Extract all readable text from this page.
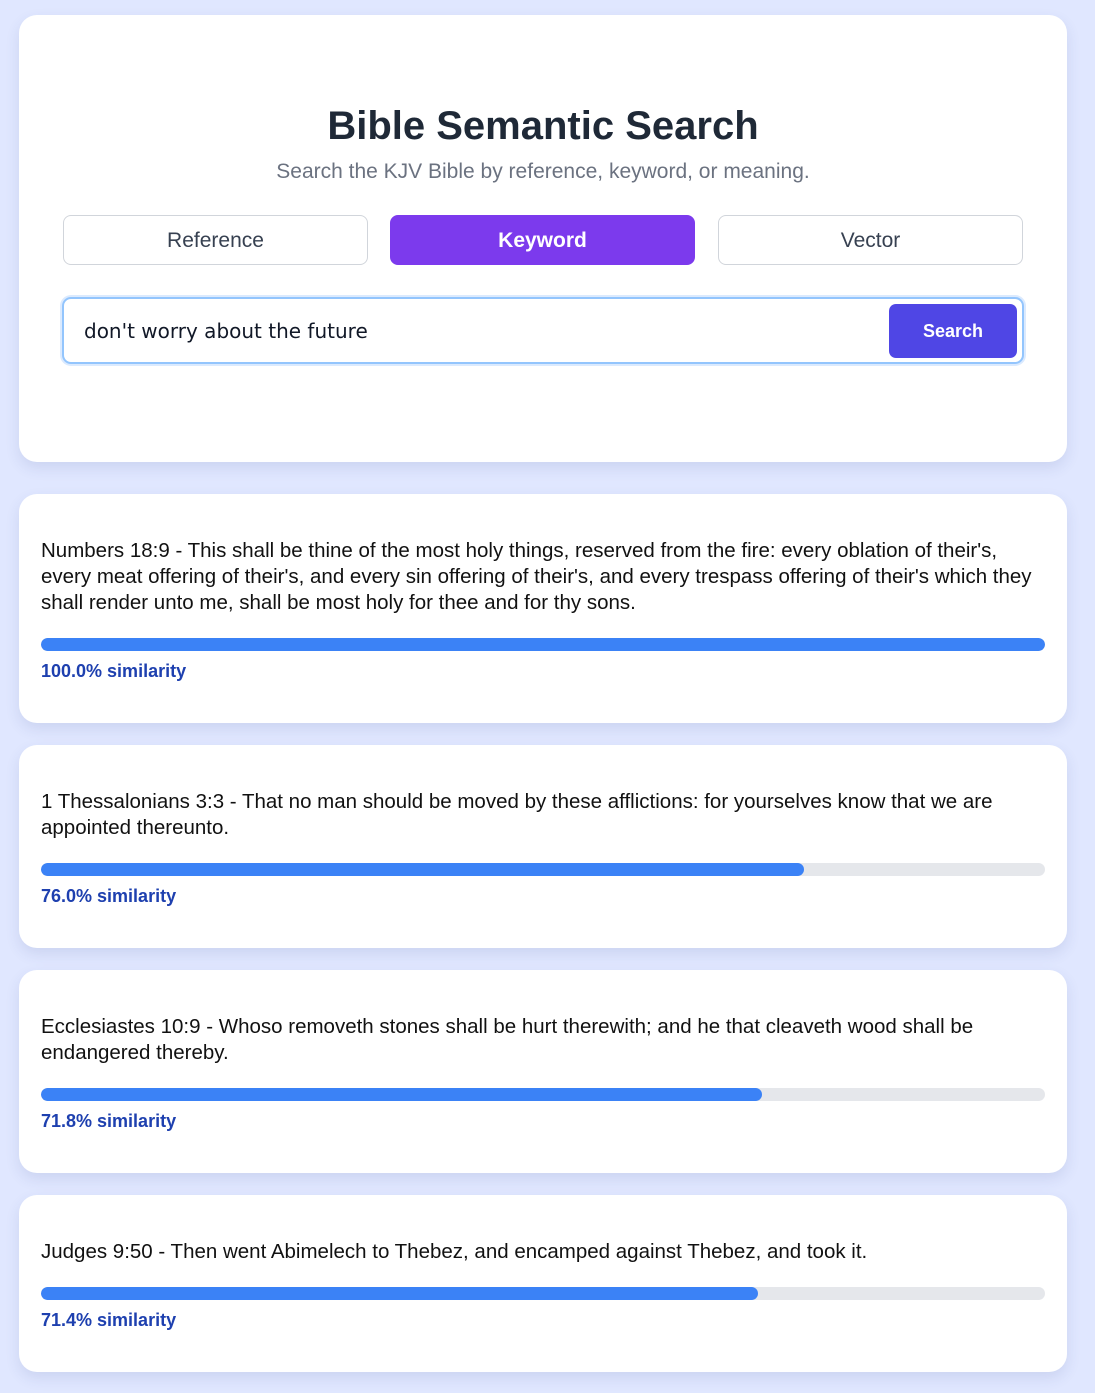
Bible Semantic Search
Search the KJV Bible by reference, keyword, or meaning.
Reference	Keyword	Vector
don't worry about the future
Search
Numbers 18:9 - This shall be thine of the most holy things, reserved from the fire: every oblation of their's, every meat offering of their's, and every sin offering of their's, and every trespass offering of their's which they shall render unto me, shall be most holy for thee and for thy sons.
100.0% similarity
1 Thessalonians 3:3 - That no man should be moved by these afflictions: for yourselves know that we are appointed thereunto.
76.0% similarity
Ecclesiastes 10:9 - Whoso removeth stones shall be hurt therewith; and he that cleaveth wood shall be endangered thereby.
71.8% similarity
Judges 9:50 - Then went Abimelech to Thebez, and encamped against Thebez, and took it.
71.4% similarity
